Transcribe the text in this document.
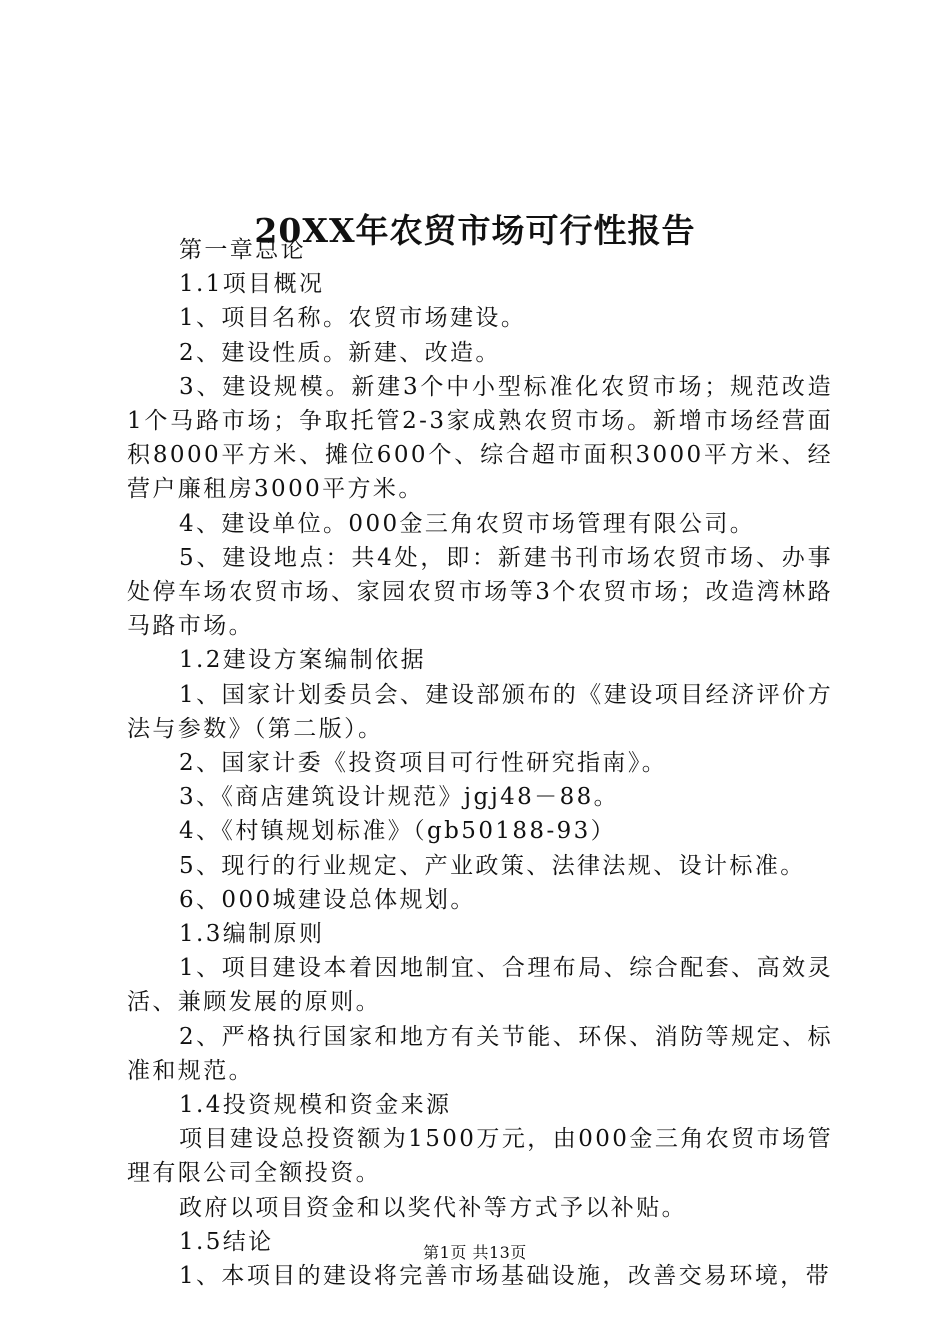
20XX年农贸市场可行性报告

第一章总论

1.1项目概况

1、项目名称。农贸市场建设。

2、建设性质。新建、改造。

3、建设规模。新建3个中小型标准化农贸市场；规范改造1个马路市场；争取托管2-3家成熟农贸市场。新增市场经营面积8000平方米、摊位600个、综合超市面积3000平方米、经营户廉租房3000平方米。

4、建设单位。000金三角农贸市场管理有限公司。

5、建设地点：共4处，即：新建书刊市场农贸市场、办事处停车场农贸市场、家园农贸市场等3个农贸市场；改造湾林路马路市场。

1.2建设方案编制依据

1、国家计划委员会、建设部颁布的《建设项目经济评价方法与参数》（第二版）。

2、国家计委《投资项目可行性研究指南》。

3、《商店建筑设计规范》jgj48－88。

4、《村镇规划标准》（gb50188-93）

5、现行的行业规定、产业政策、法律法规、设计标准。

6、000城建设总体规划。

1.3编制原则

1、项目建设本着因地制宜、合理布局、综合配套、高效灵活、兼顾发展的原则。

2、严格执行国家和地方有关节能、环保、消防等规定、标准和规范。

1.4投资规模和资金来源

项目建设总投资额为1500万元，由000金三角农贸市场管理有限公司全额投资。

政府以项目资金和以奖代补等方式予以补贴。

1.5结论

1、本项目的建设将完善市场基础设施，改善交易环境，带

第1页 共13页
